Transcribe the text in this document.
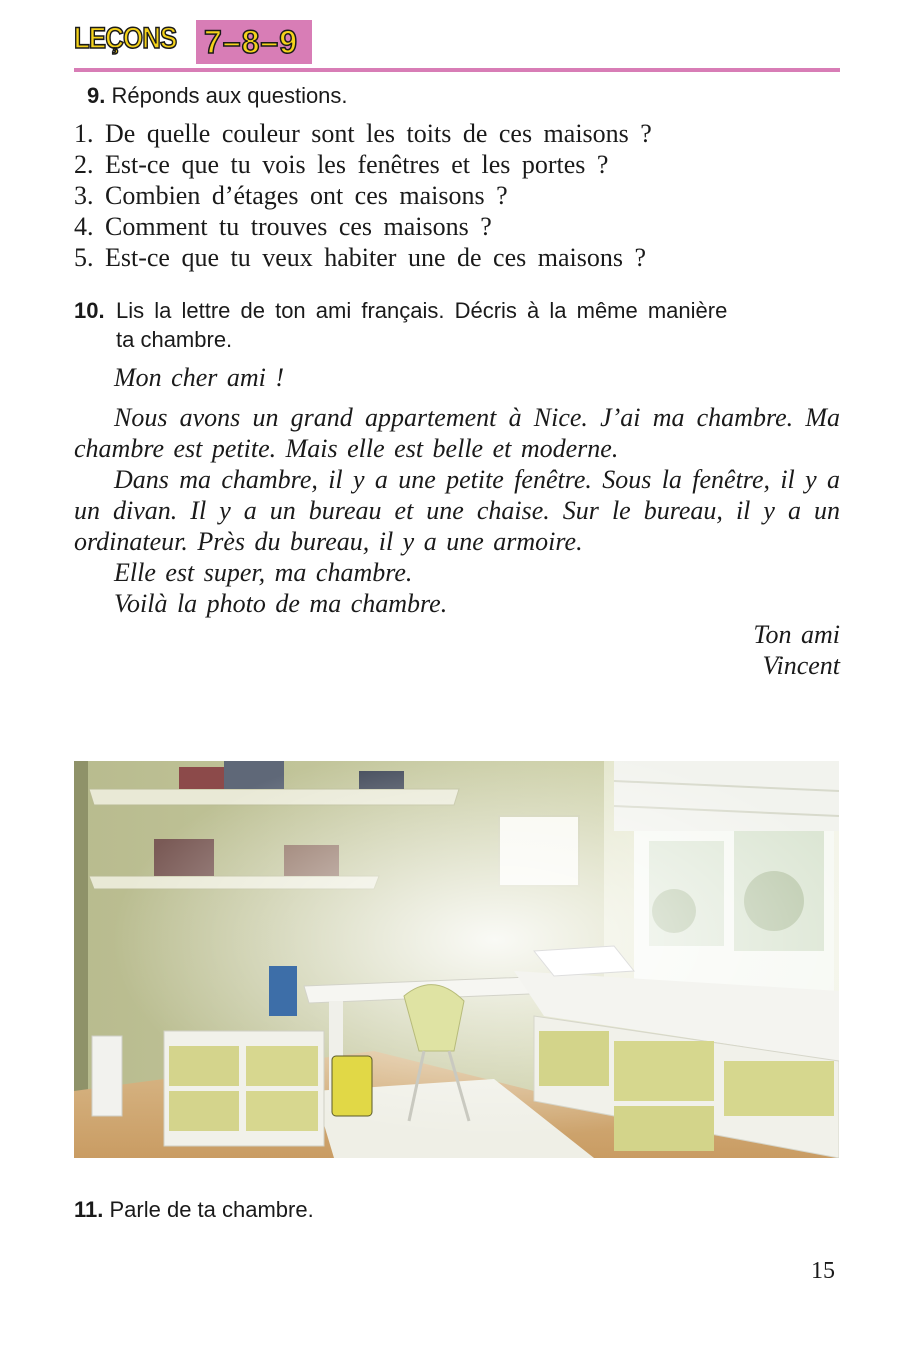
LEÇONS 7–8–9
9. Réponds aux questions.
1. De quelle couleur sont les toits de ces maisons ?
2. Est-ce que tu vois les fenêtres et les portes ?
3. Combien d’étages ont ces maisons ?
4. Comment tu trouves ces maisons ?
5. Est-ce que tu veux habiter une de ces maisons ?
10. Lis la lettre de ton ami français. Décris à la même manière
ta chambre.

Mon cher ami !

Nous avons un grand appartement à Nice. J’ai ma chambre. Ma chambre est petite. Mais elle est belle et moderne.

Dans ma chambre, il y a une petite fenêtre. Sous la fenêtre, il y a un divan. Il y a un bureau et une chaise. Sur le bureau, il y a un ordinateur. Près du bureau, il y a une armoire.

Elle est super, ma chambre.

Voilà la photo de ma chambre.

Ton ami

Vincent

11. Parle de ta chambre.
15
